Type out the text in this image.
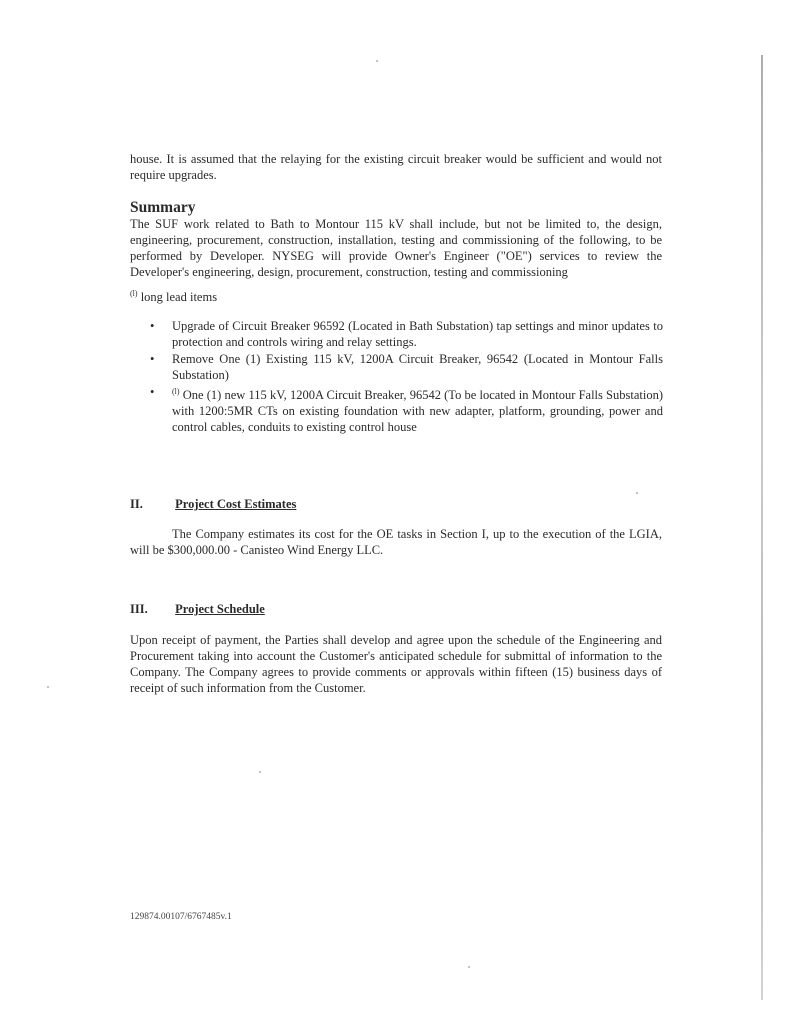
house. It is assumed that the relaying for the existing circuit breaker would be sufficient and would not require upgrades.

Summary

The SUF work related to Bath to Montour 115 kV shall include, but not be limited to, the design, engineering, procurement, construction, installation, testing and commissioning of the following, to be performed by Developer. NYSEG will provide Owner's Engineer ("OE") services to review the Developer's engineering, design, procurement, construction, testing and commissioning

$^{(l)}$ long lead items
• Upgrade of Circuit Breaker 96592 (Located in Bath Substation) tap settings and minor updates to protection and controls wiring and relay settings.
• Remove One (1) Existing 115 kV, 1200A Circuit Breaker, 96542 (Located in Montour Falls Substation)
• $^{(l)}$ One (1) new 115 kV, 1200A Circuit Breaker, 96542 (To be located in Montour Falls Substation) with 1200:5MR CTs on existing foundation with new adapter, platform, grounding, power and control cables, conduits to existing control house
II.	Project Cost Estimates

The Company estimates its cost for the OE tasks in Section I, up to the execution of the LGIA, will be $300,000.00 - Canisteo Wind Energy LLC.

III. Project Schedule

Upon receipt of payment, the Parties shall develop and agree upon the schedule of the Engineering and Procurement taking into account the Customer's anticipated schedule for submittal of information to the Company. The Company agrees to provide comments or approvals within fifteen (15) business days of receipt of such information from the Customer.

129874.00107/6767485v.1
